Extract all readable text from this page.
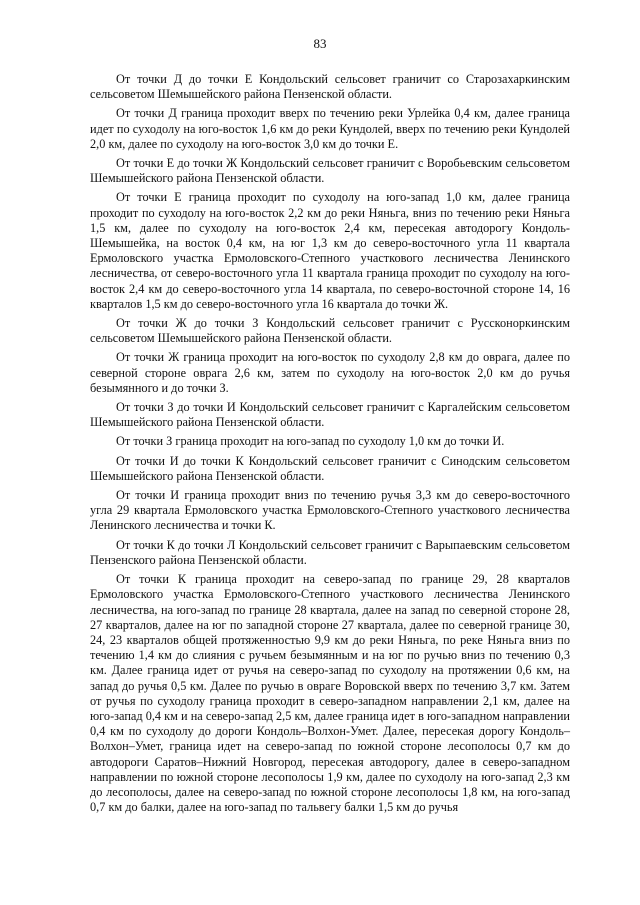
83

От точки Д до точки Е Кондольский сельсовет граничит со Старозахаркинским сельсоветом Шемышейского района Пензенской области.

От точки Д граница проходит вверх по течению реки Урлейка 0,4 км, далее граница идет по суходолу на юго-восток 1,6 км до реки Кундолей, вверх по течению реки Кундолей 2,0 км, далее по суходолу на юго-восток 3,0 км до точки Е.

От точки Е до точки Ж Кондольский сельсовет граничит с Воробьевским сельсоветом Шемышейского района Пензенской области.

От точки Е граница проходит по суходолу на юго-запад 1,0 км, далее граница проходит по суходолу на юго-восток 2,2 км до реки Няньга, вниз по течению реки Няньга 1,5 км, далее по суходолу на юго-восток 2,4 км, пересекая автодорогу Кондоль-Шемышейка, на восток 0,4 км, на юг 1,3 км до северо-восточного угла 11 квартала Ермоловского участка Ермоловского-Степного участкового лесничества Ленинского лесничества, от северо-восточного угла 11 квартала граница проходит по суходолу на юго-восток 2,4 км до северо-восточного угла 14 квартала, по северо-восточной стороне 14, 16 кварталов 1,5 км до северо-восточного угла 16 квартала до точки Ж.

От точки Ж до точки З Кондольский сельсовет граничит с Руссконоркинским сельсоветом Шемышейского района Пензенской области.

От точки Ж граница проходит на юго-восток по суходолу 2,8 км до оврага, далее по северной стороне оврага 2,6 км, затем по суходолу на юго-восток 2,0 км до ручья безымянного и до точки З.

От точки З до точки И Кондольский сельсовет граничит с Каргалейским сельсоветом Шемышейского района Пензенской области.

От точки З граница проходит на юго-запад по суходолу 1,0 км до точки И.

От точки И до точки К Кондольский сельсовет граничит с Синодским сельсоветом Шемышейского района Пензенской области.

От точки И граница проходит вниз по течению ручья 3,3 км до северо-восточного угла 29 квартала Ермоловского участка Ермоловского-Степного участкового лесничества Ленинского лесничества и точки К.

От точки К до точки Л Кондольский сельсовет граничит с Варыпаевским сельсоветом Пензенского района Пензенской области.

От точки К граница проходит на северо-запад по границе 29, 28 кварталов Ермоловского участка Ермоловского-Степного участкового лесничества Ленинского лесничества, на юго-запад по границе 28 квартала, далее на запад по северной стороне 28, 27 кварталов, далее на юг по западной стороне 27 квартала, далее по северной границе 30, 24, 23 кварталов общей протяженностью 9,9 км до реки Няньга, по реке Няньга вниз по течению 1,4 км до слияния с ручьем безымянным и на юг по ручью вниз по течению 0,3 км. Далее граница идет от ручья на северо-запад по суходолу на протяжении 0,6 км, на запад до ручья 0,5 км. Далее по ручью в овраге Воровской вверх по течению 3,7 км. Затем от ручья по суходолу граница проходит в северо-западном направлении 2,1 км, далее на юго-запад 0,4 км и на северо-запад 2,5 км, далее граница идет в юго-западном направлении 0,4 км по суходолу до дороги Кондоль–Волхон-Умет. Далее, пересекая дорогу Кондоль–Волхон–Умет, граница идет на северо-запад по южной стороне лесополосы 0,7 км до автодороги Саратов–Нижний Новгород, пересекая автодорогу, далее в северо-западном направлении по южной стороне лесополосы 1,9 км, далее по суходолу на юго-запад 2,3 км до лесополосы, далее на северо-запад по южной стороне лесополосы 1,8 км, на юго-запад 0,7 км до балки, далее на юго-запад по тальвегу балки 1,5 км до ручья
